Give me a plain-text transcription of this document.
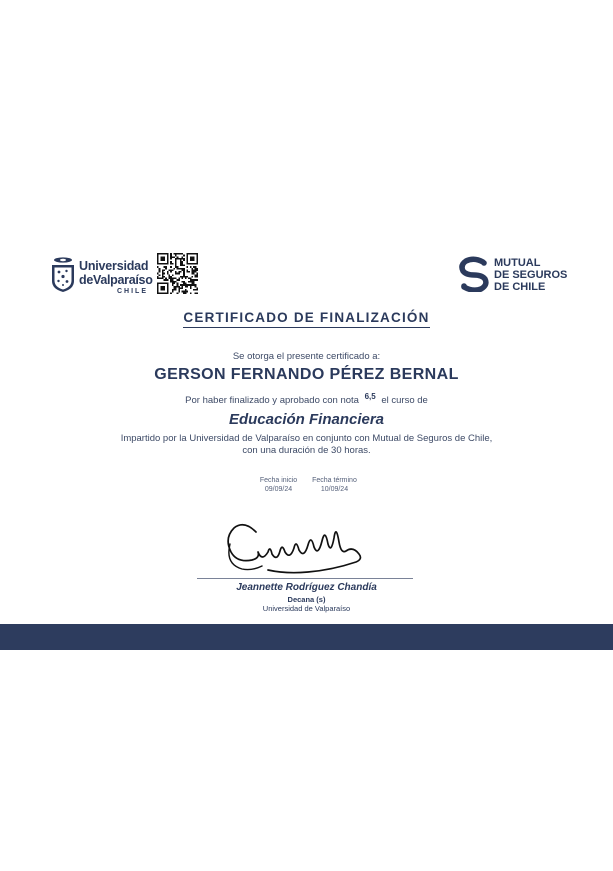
Universidad
deValparaíso
CHILE
MUTUAL
DE SEGUROS
DE CHILE
CERTIFICADO DE FINALIZACIÓN
Se otorga el presente certificado a:
GERSON FERNANDO PÉREZ BERNAL
Por haber finalizado y aprobado con nota $^{6,5}$ el curso de
Educación Financiera
Impartido por la Universidad de Valparaíso en conjunto con Mutual de Seguros de Chile,
con una duración de 30 horas.
Fecha inicio
09/09/24

Fecha término
10/09/24
Jeannette Rodríguez Chandía
Decana (s)
Universidad de Valparaíso
